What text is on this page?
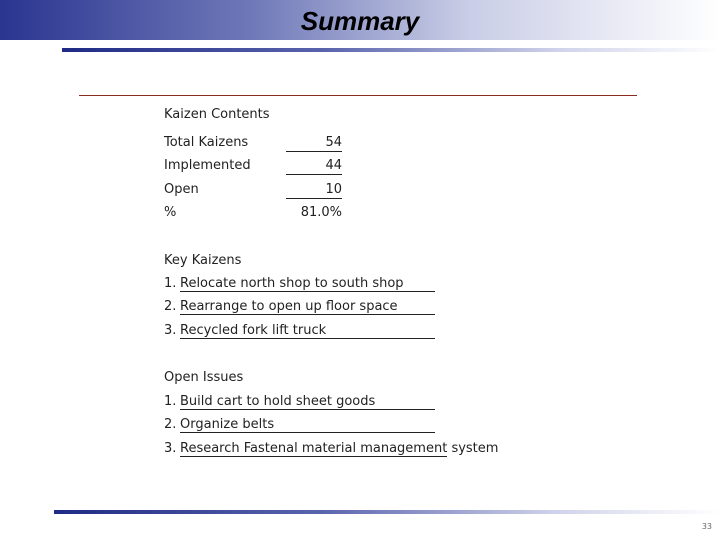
Summary
Kaizen Contents
Total Kaizens	54
Implemented	44
Open	10
%	81.0%
Key Kaizens
1. Relocate north shop to south shop
2. Rearrange to open up floor space
3. Recycled fork lift truck
Open Issues
1. Build cart to hold sheet goods
2. Organize belts
3. Research Fastenal material management system
33
